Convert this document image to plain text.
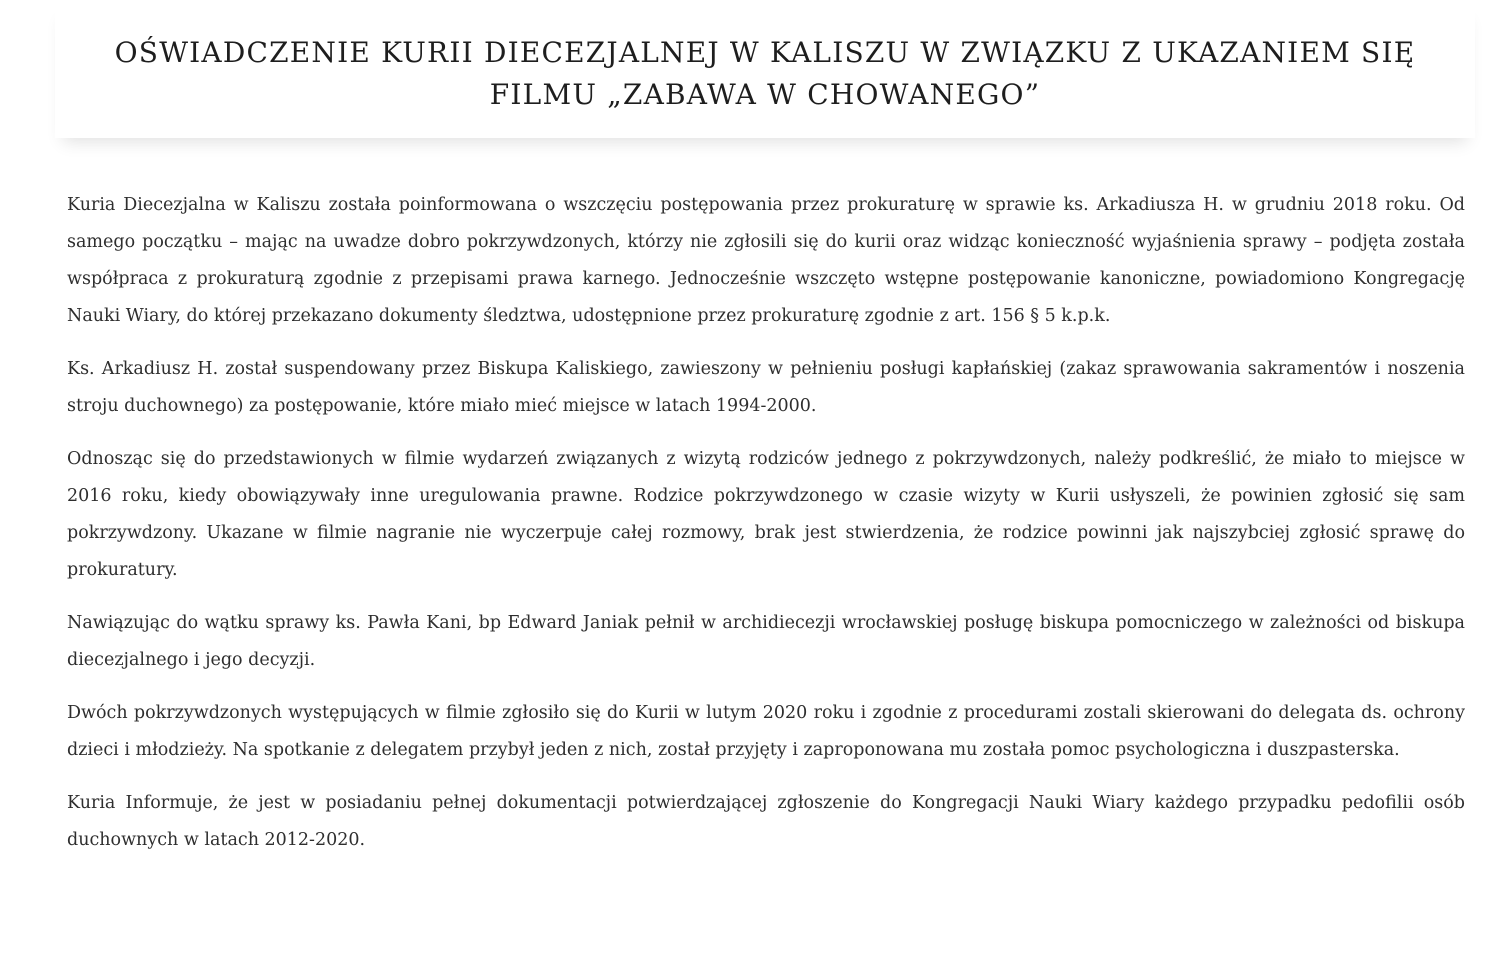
OŚWIADCZENIE KURII DIECEZJALNEJ W KALISZU W ZWIĄZKU Z UKAZANIEM SIĘ
FILMU „ZABAWA W CHOWANEGO”

Kuria Diecezjalna w Kaliszu została poinformowana o wszczęciu postępowania przez prokuraturę w sprawie ks. Arkadiusza H. w grudniu 2018 roku. Od samego początku – mając na uwadze dobro pokrzywdzonych, którzy nie zgłosili się do kurii oraz widząc konieczność wyjaśnienia sprawy – podjęta została współpraca z prokuraturą zgodnie z przepisami prawa karnego. Jednocześnie wszczęto wstępne postępowanie kanoniczne, powiadomiono Kongregację Nauki Wiary, do której przekazano dokumenty śledztwa, udostępnione przez prokuraturę zgodnie z art. 156 § 5 k.p.k.

Ks. Arkadiusz H. został suspendowany przez Biskupa Kaliskiego, zawieszony w pełnieniu posługi kapłańskiej (zakaz sprawowania sakramentów i noszenia stroju duchownego) za postępowanie, które miało mieć miejsce w latach 1994-2000.

Odnosząc się do przedstawionych w filmie wydarzeń związanych z wizytą rodziców jednego z pokrzywdzonych, należy podkreślić, że miało to miejsce w 2016 roku, kiedy obowiązywały inne uregulowania prawne. Rodzice pokrzywdzonego w czasie wizyty w Kurii usłyszeli, że powinien zgłosić się sam pokrzywdzony. Ukazane w filmie nagranie nie wyczerpuje całej rozmowy, brak jest stwierdzenia, że rodzice powinni jak najszybciej zgłosić sprawę do prokuratury.

Nawiązując do wątku sprawy ks. Pawła Kani, bp Edward Janiak pełnił w archidiecezji wrocławskiej posługę biskupa pomocniczego w zależności od biskupa diecezjalnego i jego decyzji.

Dwóch pokrzywdzonych występujących w filmie zgłosiło się do Kurii w lutym 2020 roku i zgodnie z procedurami zostali skierowani do delegata ds. ochrony dzieci i młodzieży. Na spotkanie z delegatem przybył jeden z nich, został przyjęty i zaproponowana mu została pomoc psychologiczna i duszpasterska.

Kuria Informuje, że jest w posiadaniu pełnej dokumentacji potwierdzającej zgłoszenie do Kongregacji Nauki Wiary każdego przypadku pedofilii osób duchownych w latach 2012-2020.
